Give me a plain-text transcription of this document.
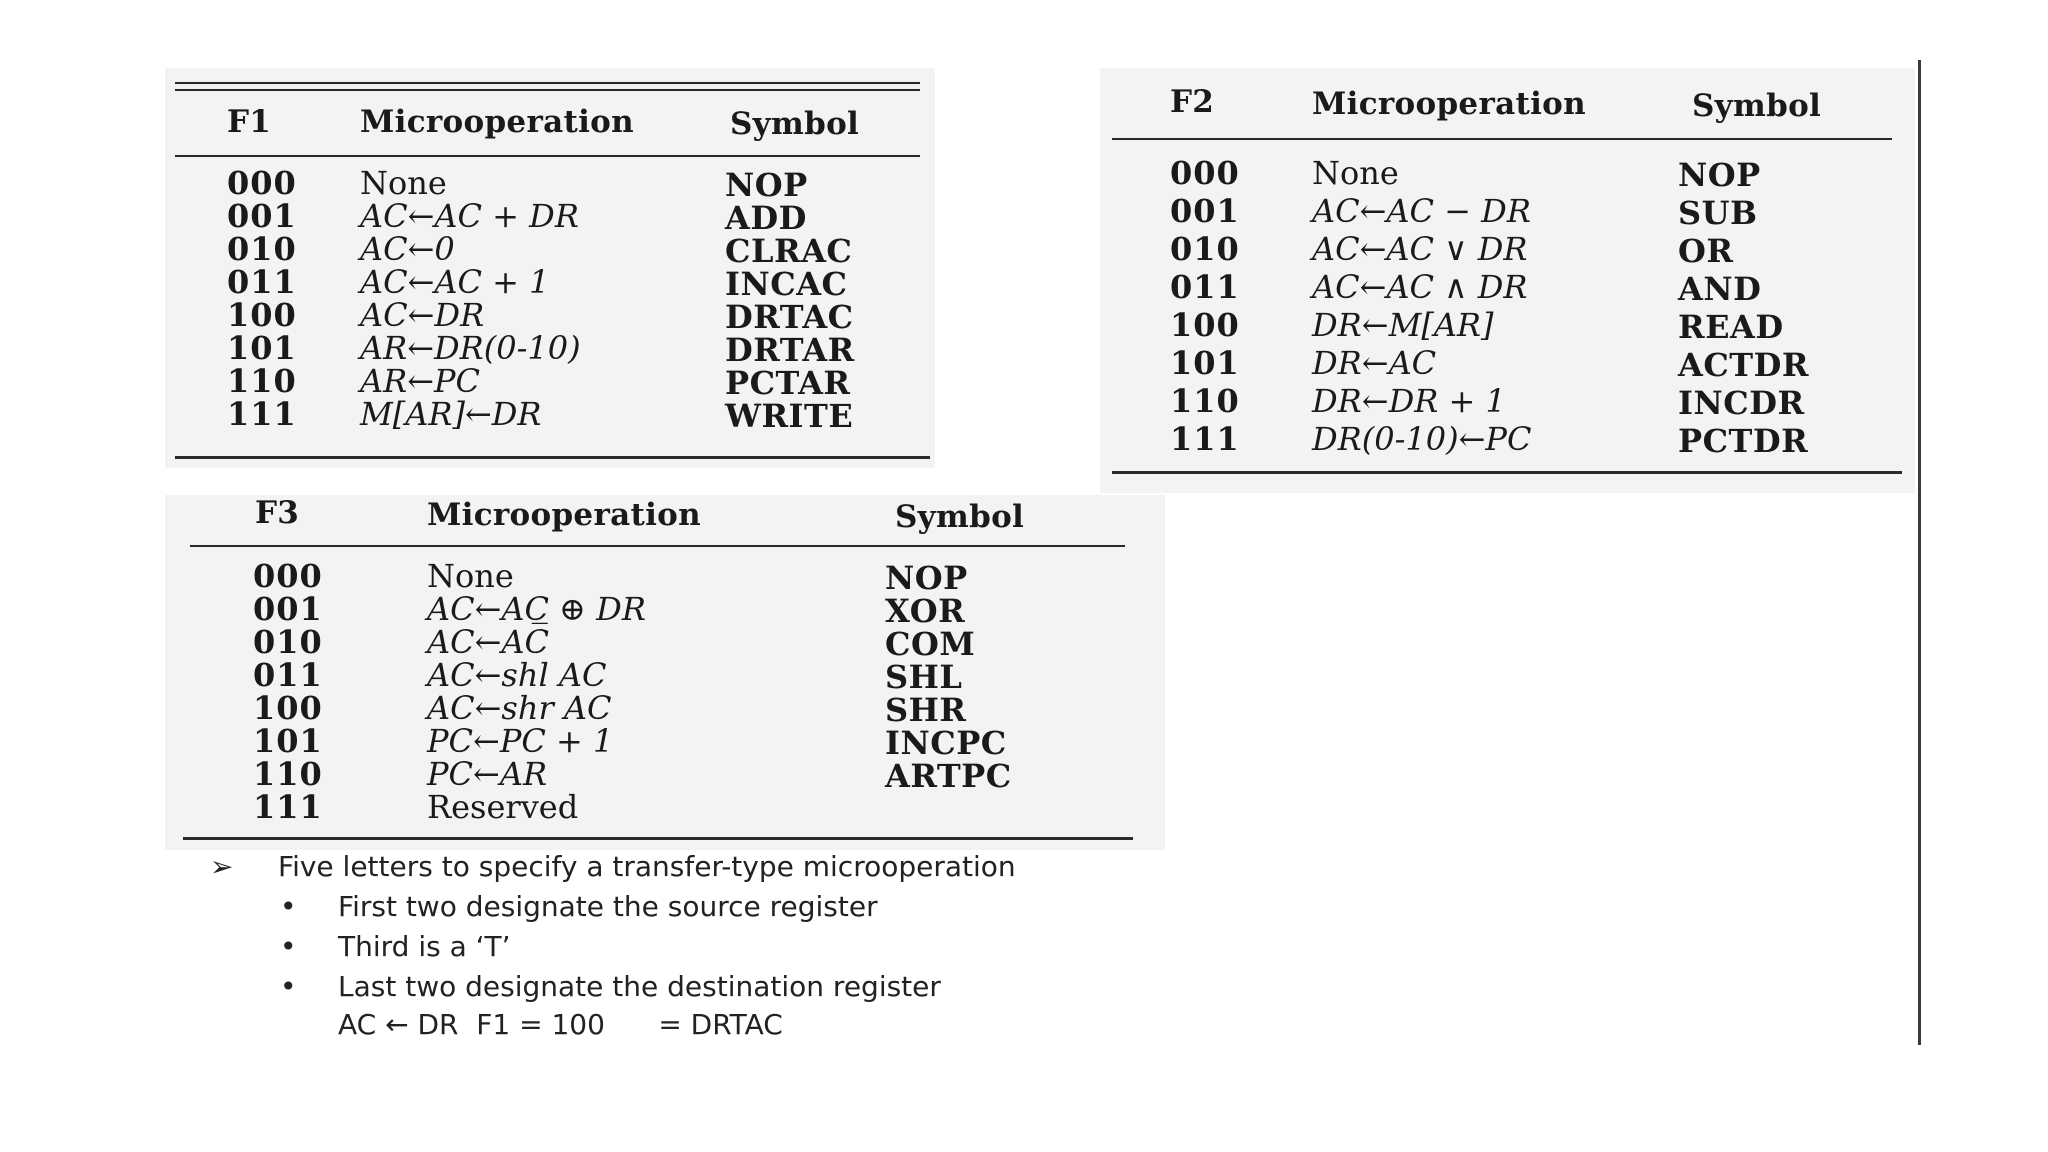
F1	Microoperation	Symbol
000 None	NOP
001 AC←AC + DR	ADD
010 AC←0	CLRAC
011 AC←AC + 1	INCAC
100 AC←DR	DRTAC
101 AR←DR(0-10)	DRTAR
110 AR←PC	PCTAR
111 M[AR]←DR	WRITE
F2	Microoperation	Symbol
000 None	NOP
001 AC←AC − DR	SUB
010 AC←AC ∨ DR	OR
011 AC←AC ∧ DR	AND
100 DR←M[AR]	READ
101 DR←AC	ACTDR
110 DR←DR + 1	INCDR
111 DR(0-10)←PC	PCTDR
F3	Microoperation	Symbol
000	None	NOP
001	AC←AC ⊕ DR	XOR
010	AC←AC̅	COM
011	AC←shl AC	SHL
100	AC←shr AC	SHR
101	PC←PC + 1	INCPC
110	PC←AR	ARTPC
111	Reserved
➢ Five letters to specify a transfer-type microoperation
• First two designate the source register
• Third is a ‘T’
• Last two designate the destination register
AC ← DR  F1 = 100      = DRTAC
